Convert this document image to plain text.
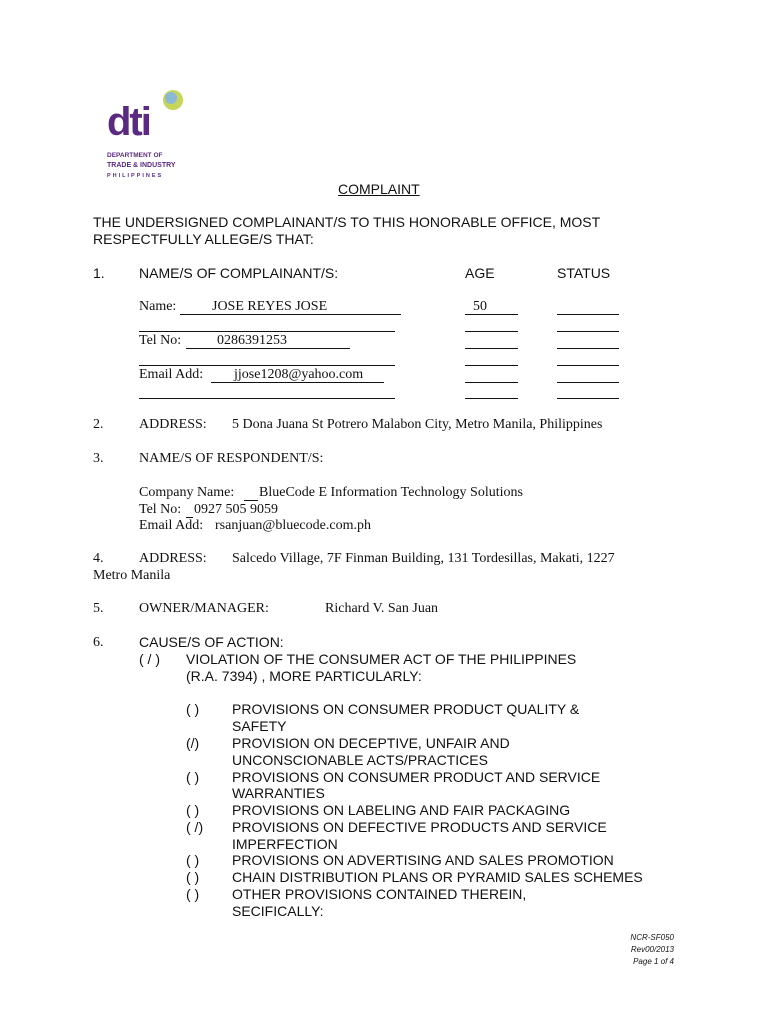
dti
DEPARTMENT OF
TRADE & INDUSTRY
PHILIPPINES
COMPLAINT
THE UNDERSIGNED COMPLAINANT/S TO THIS HONORABLE OFFICE, MOST
RESPECTFULLY ALLEGE/S THAT:
1. NAME/S OF COMPLAINANT/S:	AGE	STATUS
Name:	JOSE REYES JOSE	50
Tel No:	0286391253
Email Add: jjose1208@yahoo.com
2.	ADDRESS: 5 Dona Juana St Potrero Malabon City, Metro Manila, Philippines
3.	NAME/S OF RESPONDENT/S:
Company Name: BlueCode E Information Technology Solutions
Tel No: 0927 505 9059
Email Add: rsanjuan@bluecode.com.ph
4.	ADDRESS: Salcedo Village, 7F Finman Building, 131 Tordesillas, Makati, 1227
Metro Manila
5.	OWNER/MANAGER:	Richard V. San Juan
6.	CAUSE/S OF ACTION:
( / ) VIOLATION OF THE CONSUMER ACT OF THE PHILIPPINES
(R.A. 7394) , MORE PARTICULARLY:
( ) PROVISIONS ON CONSUMER PRODUCT QUALITY &
SAFETY
(/) PROVISION ON DECEPTIVE, UNFAIR AND
UNCONSCIONABLE ACTS/PRACTICES
( ) PROVISIONS ON CONSUMER PRODUCT AND SERVICE
WARRANTIES
( ) PROVISIONS ON LABELING AND FAIR PACKAGING
( /) PROVISIONS ON DEFECTIVE PRODUCTS AND SERVICE
IMPERFECTION
( ) PROVISIONS ON ADVERTISING AND SALES PROMOTION
( ) CHAIN DISTRIBUTION PLANS OR PYRAMID SALES SCHEMES
( ) OTHER PROVISIONS CONTAINED THEREIN,
SECIFICALLY:
NCR-SF050
Rev00/2013
Page 1 of 4
